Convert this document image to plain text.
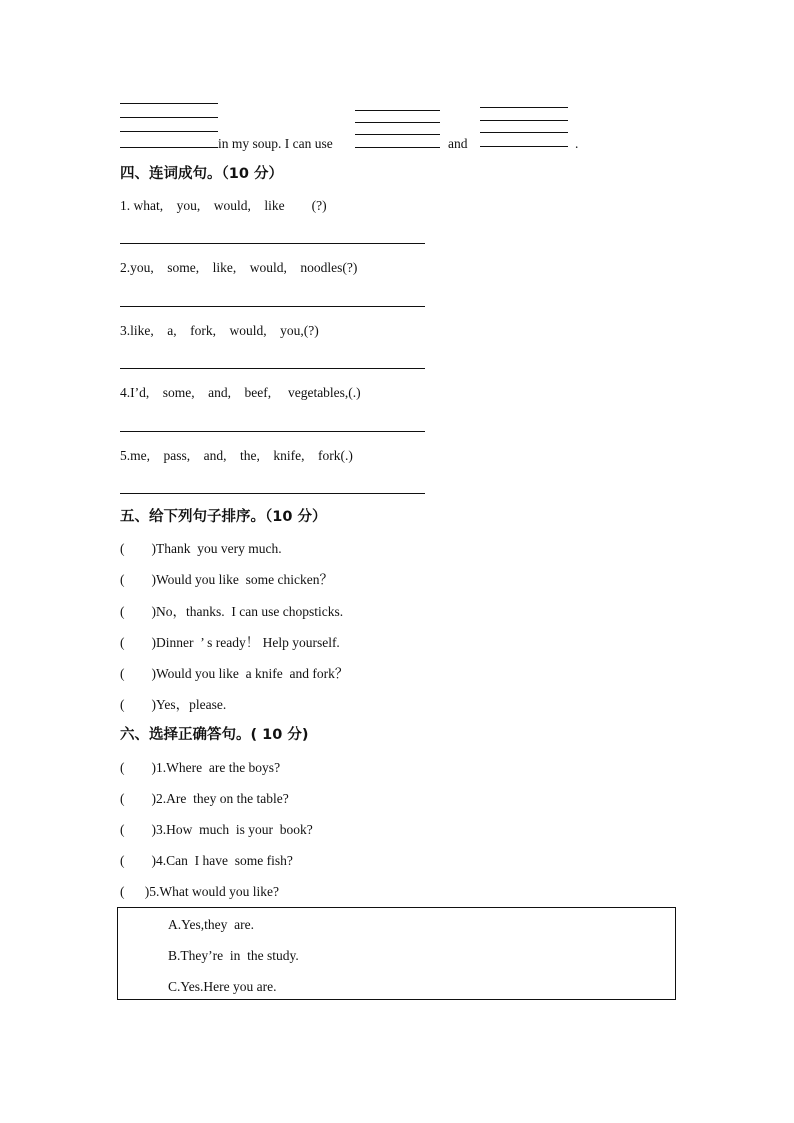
in my soup. I can use	and	.
四、连词成句。（10 分）
1. what,    you,    would,    like        (?)
2.you,    some,    like,    would,    noodles(?)
3.like,    a,    fork,    would,    you,(?)
4.I’d,    some,    and,    beef,     vegetables,(.)
5.me,    pass,    and,    the,    knife,    fork(.)
五、给下列句子排序。（10 分）
(        )Thank  you very much.
(        )Would you like  some chicken？
(        )No，thanks.  I can use chopsticks.
(        )Dinner  ’ s ready！ Help yourself.
(        )Would you like  a knife  and fork？
(        )Yes，please.
六、选择正确答句。( 10 分)
(        )1.Where  are the boys?
(        )2.Are  they on the table?
(        )3.How  much  is your  book?
(        )4.Can  I have  some fish?
(      )5.What would you like?
A.Yes,they  are.
B.They’re  in  the study.
C.Yes.Here you are.
